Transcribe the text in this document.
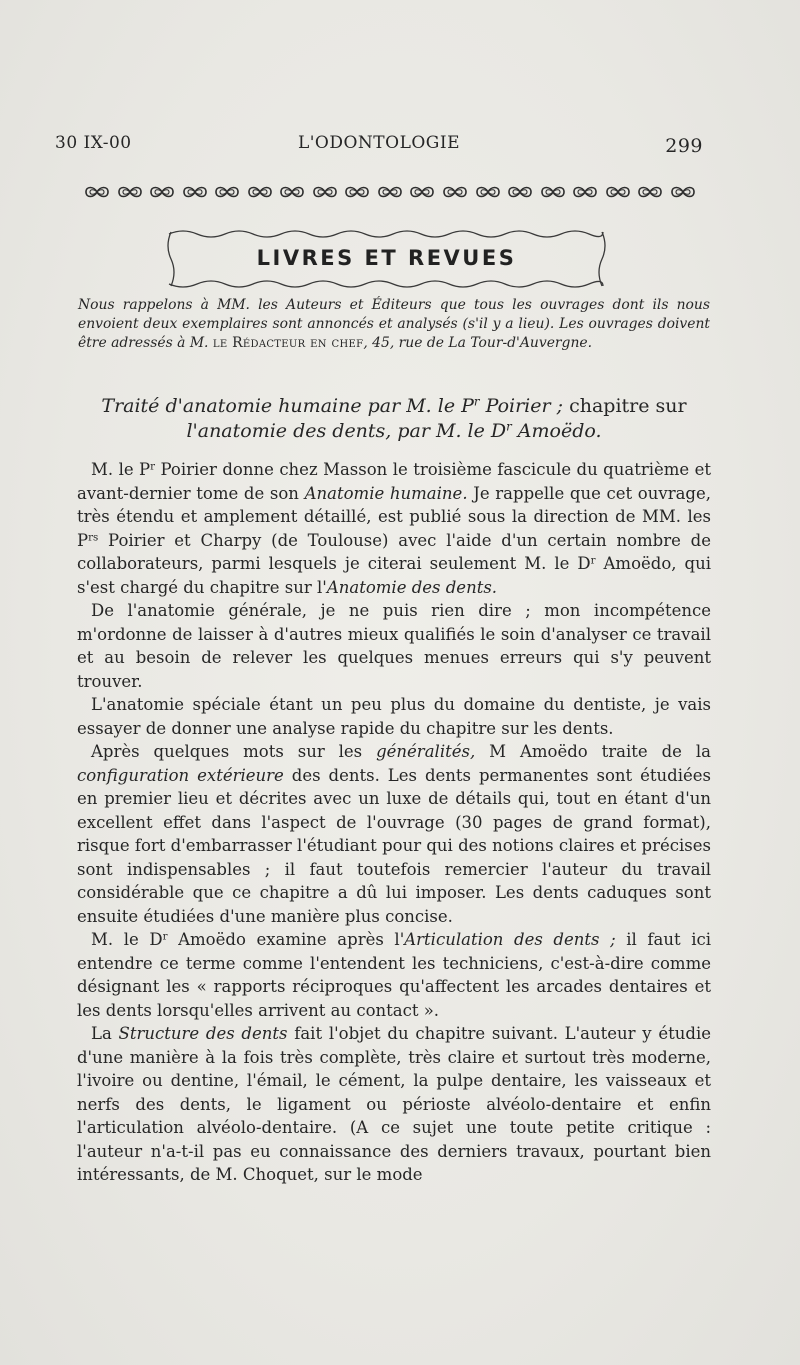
30 IX-00	L'ODONTOLOGIE	299
LIVRES ET REVUES
Nous rappelons à MM. les Auteurs et Éditeurs que tous les ouvrages dont ils nous envoient deux exemplaires sont annoncés et analysés (s'il y a lieu). Les ouvrages doivent être adressés à M. le Rédacteur en chef, 45, rue de La Tour-d'Auvergne.
Traité d'anatomie humaine par M. le $P^r$ Poirier ; chapitre sur l'anatomie des dents, par M. le $D^r$ Amoëdo.

M. le $P^r$ Poirier donne chez Masson le troisième fascicule du quatrième et avant-dernier tome de son Anatomie humaine. Je rappelle que cet ouvrage, très étendu et amplement détaillé, est publié sous la direction de MM. les $P^{rs}$ Poirier et Charpy (de Toulouse) avec l'aide d'un certain nombre de collaborateurs, parmi lesquels je citerai seulement M. le $D^r$ Amoëdo, qui s'est chargé du chapitre sur l'Anatomie des dents.

De l'anatomie générale, je ne puis rien dire ; mon incompétence m'ordonne de laisser à d'autres mieux qualifiés le soin d'analyser ce travail et au besoin de relever les quelques menues erreurs qui s'y peuvent trouver.

L'anatomie spéciale étant un peu plus du domaine du dentiste, je vais essayer de donner une analyse rapide du chapitre sur les dents.

Après quelques mots sur les généralités, M Amoëdo traite de la configuration extérieure des dents. Les dents permanentes sont étudiées en premier lieu et décrites avec un luxe de détails qui, tout en étant d'un excellent effet dans l'aspect de l'ouvrage (30 pages de grand format), risque fort d'embarrasser l'étudiant pour qui des notions claires et précises sont indispensables ; il faut toutefois remercier l'auteur du travail considérable que ce chapitre a dû lui imposer. Les dents caduques sont ensuite étudiées d'une manière plus concise.

M. le $D^r$ Amoëdo examine après l'Articulation des dents ; il faut ici entendre ce terme comme l'entendent les techniciens, c'est-à-dire comme désignant les « rapports réciproques qu'affectent les arcades dentaires et les dents lorsqu'elles arrivent au contact ».

La Structure des dents fait l'objet du chapitre suivant. L'auteur y étudie d'une manière à la fois très complète, très claire et surtout très moderne, l'ivoire ou dentine, l'émail, le cément, la pulpe dentaire, les vaisseaux et nerfs des dents, le ligament ou périoste alvéolo-dentaire et enfin l'articulation alvéolo-dentaire. (A ce sujet une toute petite critique : l'auteur n'a-t-il pas eu connaissance des derniers travaux, pourtant bien intéressants, de M. Choquet, sur le mode
